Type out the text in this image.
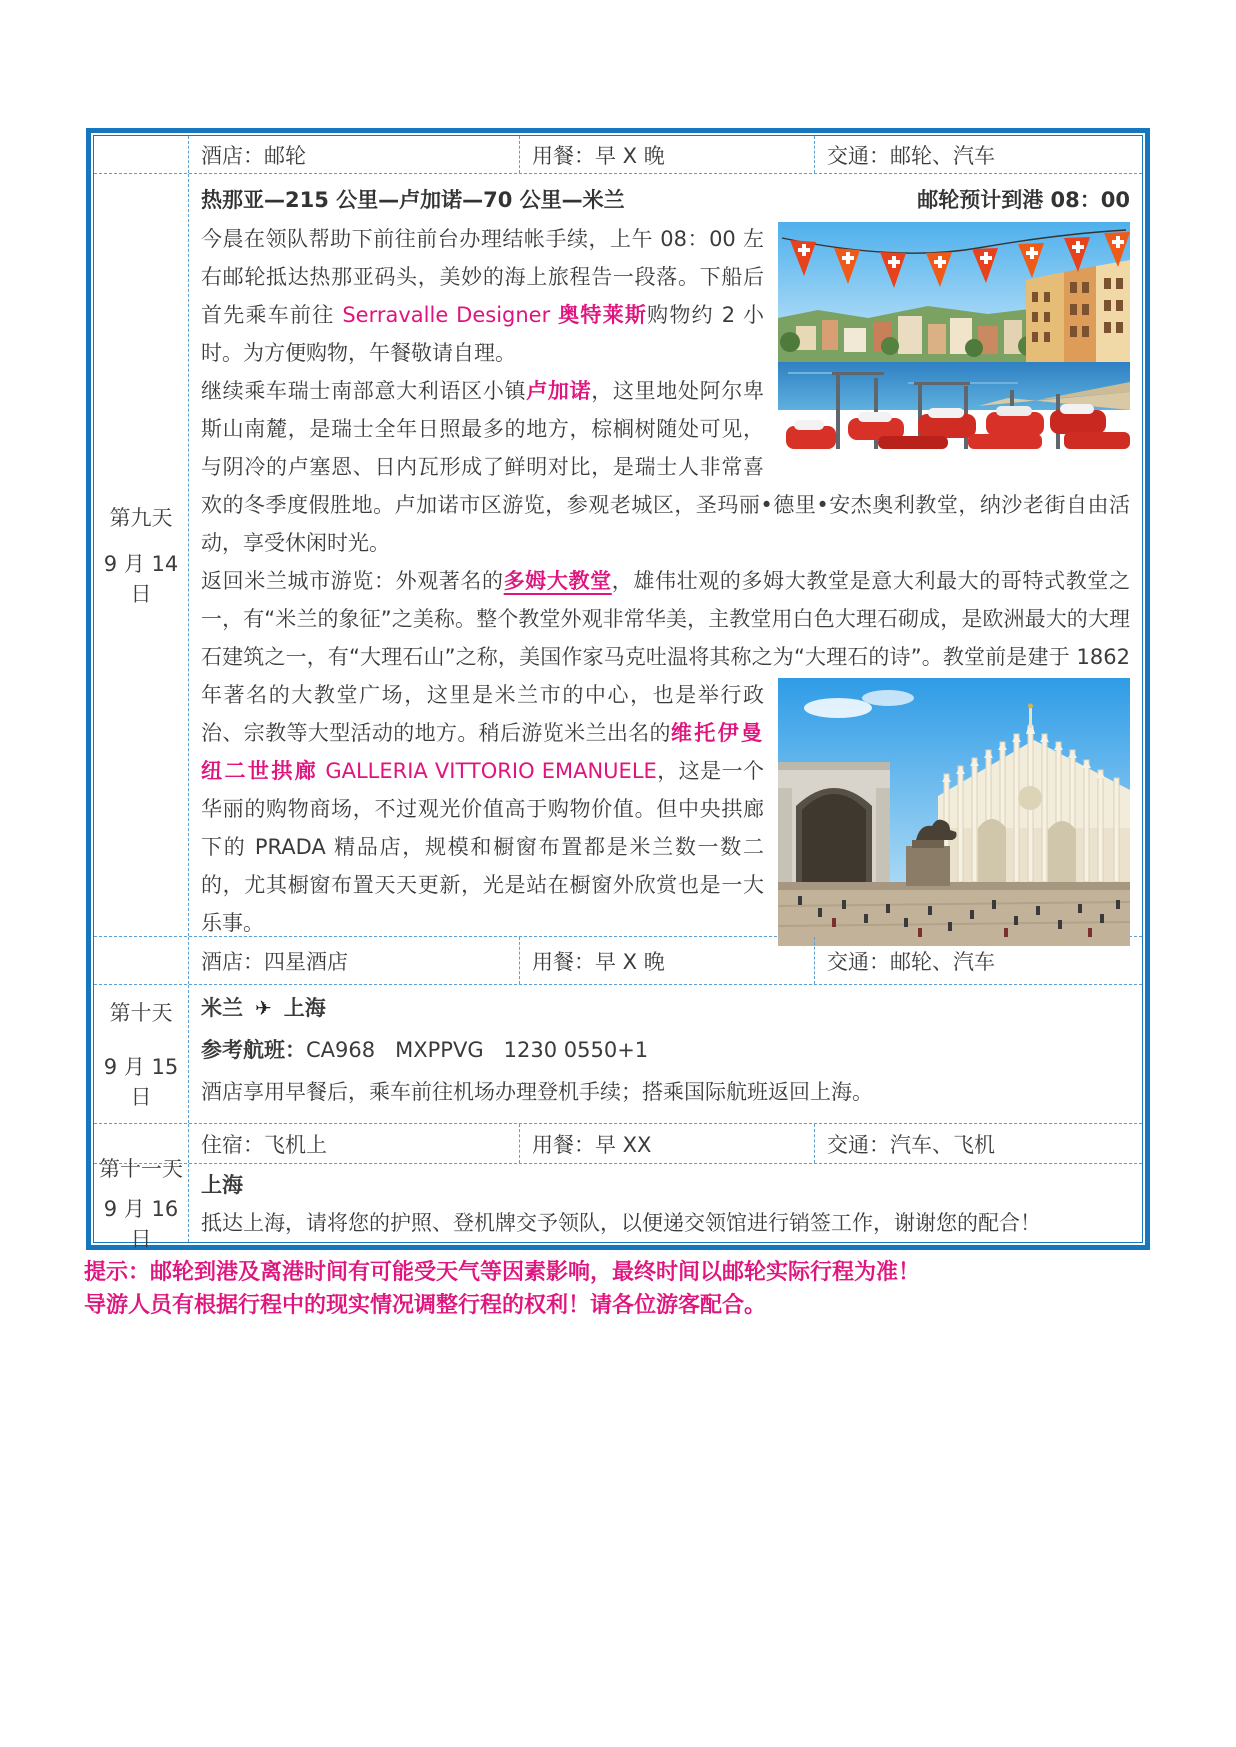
酒店：邮轮	用餐：早 X 晚	交通：邮轮、汽车
第九天
9 月 14 日
热那亚—215 公里—卢加诺—70 公里—米兰	邮轮预计到港 08：00

今晨在领队帮助下前往前台办理结帐手续，上午 08：00 左右邮轮抵达热那亚码头，美妙的海上旅程告一段落。下船后首先乘车前往 Serravalle Designer 奥特莱斯购物约 2 小时。为方便购物，午餐敬请自理。

继续乘车瑞士南部意大利语区小镇卢加诺，这里地处阿尔卑斯山南麓，是瑞士全年日照最多的地方，棕榈树随处可见，与阴冷的卢塞恩、日内瓦形成了鲜明对比，是瑞士人非常喜欢的冬季度假胜地。卢加诺市区游览，参观老城区，圣玛丽•德里•安杰奥利教堂，纳沙老街自由活动，享受休闲时光。

返回米兰城市游览：外观著名的多姆大教堂，雄伟壮观的多姆大教堂是意大利最大的哥特式教堂之一，有“米兰的象征”之美称。整个教堂外观非常华美，主教堂用白色大理石砌成，是欧洲最大的大理石建筑之一，有“大理石山”之称，美国作家马克吐温将其称之为“大理石的诗”。教堂
前是建于 1862 年著名的大教堂广场，这里是米兰市的中心，也是举行政治、宗教等大型活动的地方。稍后游览米兰出名的维托伊曼纽二世拱廊 GALLERIA VITTORIO EMANUELE，这是一个华丽的购物商场，不过观光价值高于购物价值。但中央拱廊下的 PRADA 精品店，规模和橱窗布置都是米兰数一数二的，尤其橱窗布置天天更新，光是站在橱窗外欣赏也是一大乐事。

酒店：四星酒店	用餐：早 X 晚	交通：邮轮、汽车
第十天
9 月 15 日
米兰 ✈ 上海
参考航班：CA968   MXPPVG   1230 0550+1
酒店享用早餐后，乘车前往机场办理登机手续；搭乘国际航班返回上海。
住宿：飞机上	用餐：早 XX	交通：汽车、飞机
第十一天
9 月 16 日
上海
抵达上海，请将您的护照、登机牌交予领队，以便递交领馆进行销签工作，谢谢您的配合！
提示：邮轮到港及离港时间有可能受天气等因素影响，最终时间以邮轮实际行程为准！
导游人员有根据行程中的现实情况调整行程的权利！请各位游客配合。
